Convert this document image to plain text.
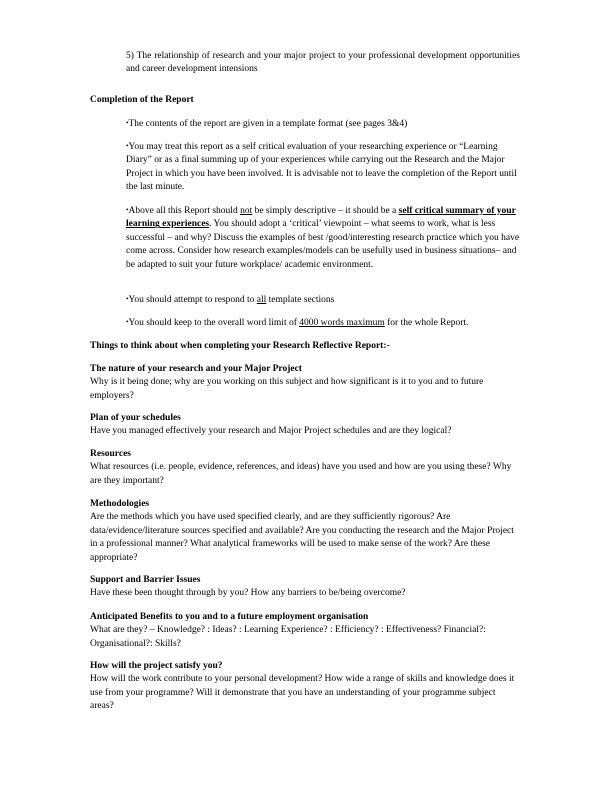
5) The relationship of research and your major project to your professional development opportunities and career development intensions

Completion of the Report

•The contents of the report are given in a template format (see pages 3&4)

•You may treat this report as a self critical evaluation of your researching experience or “Learning Diary” or as a final summing up of your experiences while carrying out the Research and the Major Project in which you have been involved. It is advisable not to leave the completion of the Report until the last minute.

•Above all this Report should not be simply descriptive – it should be a self critical summary of your learning experiences. You should adopt a ‘critical’ viewpoint – what seems to work, what is less successful – and why? Discuss the examples of best /good/interesting research practice which you have come across. Consider how research examples/models can be usefully used in business situations– and be adapted to suit your future workplace/ academic environment.

•You should attempt to respond to all template sections

•You should keep to the overall word limit of 4000 words maximum for the whole Report.

Things to think about when completing your Research Reflective Report:-

The nature of your research and your Major Project
Why is it being done; why are you working on this subject and how significant is it to you and to future employers?
Plan of your schedules
Have you managed effectively your research and Major Project schedules and are they logical?
Resources
What resources (i.e. people, evidence, references, and ideas) have you used and how are you using these? Why are they important?
Methodologies
Are the methods which you have used specified clearly, and are they sufficiently rigorous? Are data/evidence/literature sources specified and available? Are you conducting the research and the Major Project in a professional manner? What analytical frameworks will be used to make sense of the work? Are these appropriate?
Support and Barrier Issues
Have these been thought through by you? How any barriers to be/being overcome?
Anticipated Benefits to you and to a future employment organisation
What are they? – Knowledge? : Ideas? : Learning Experience? : Efficiency? : Effectiveness? Financial?: Organisational?: Skills?
How will the project satisfy you?
How will the work contribute to your personal development? How wide a range of skills and knowledge does it use from your programme? Will it demonstrate that you have an understanding of your programme subject areas?
